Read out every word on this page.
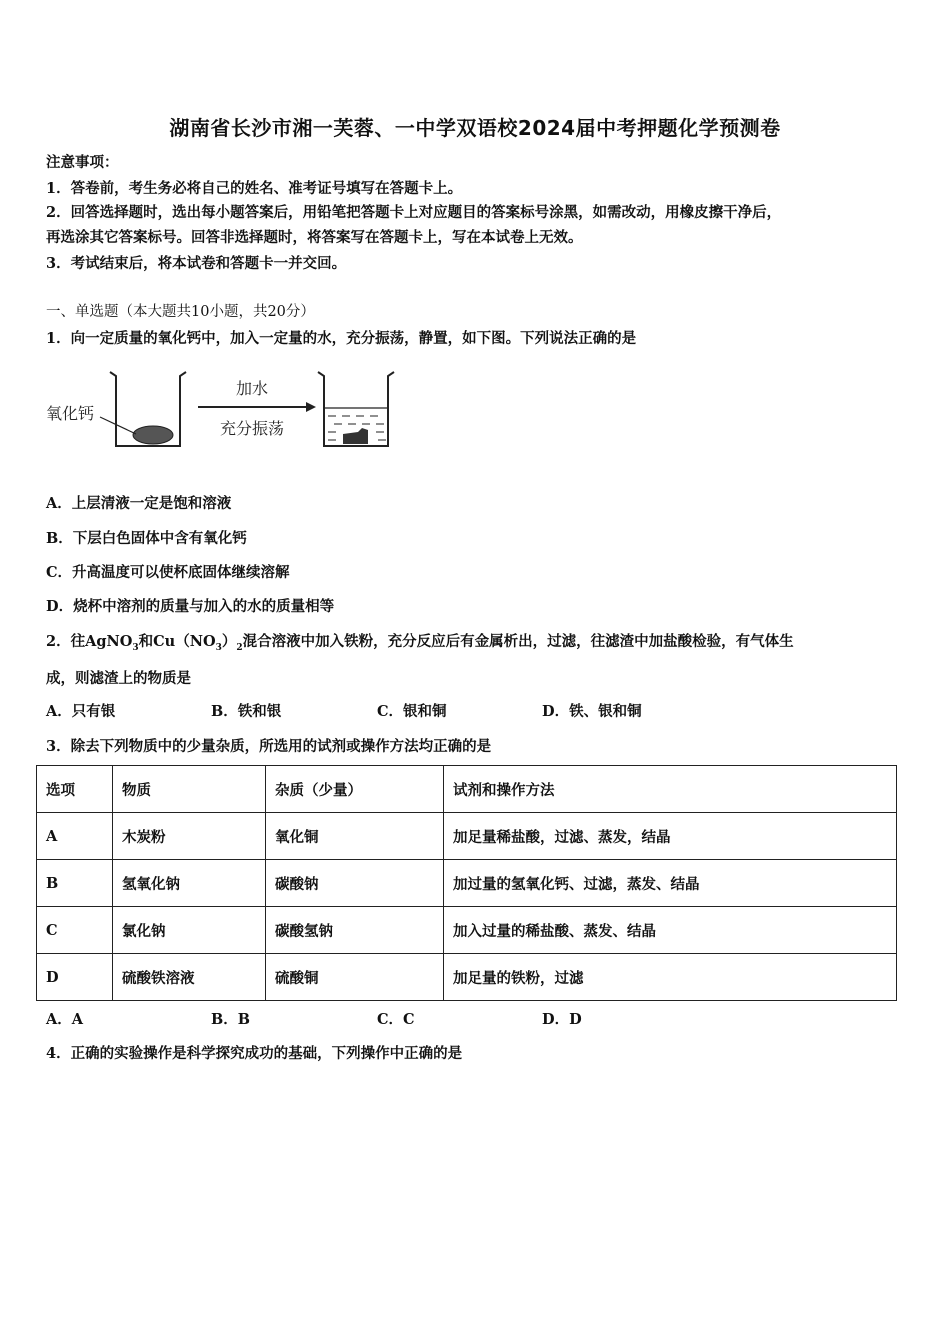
湖南省长沙市湘一芙蓉、一中学双语校2024届中考押题化学预测卷
注意事项：
1．答卷前，考生务必将自己的姓名、准考证号填写在答题卡上。
2．回答选择题时，选出每小题答案后，用铅笔把答题卡上对应题目的答案标号涂黑，如需改动，用橡皮擦干净后，
再选涂其它答案标号。回答非选择题时，将答案写在答题卡上，写在本试卷上无效。
3．考试结束后，将本试卷和答题卡一并交回。
一、单选题（本大题共10小题，共20分）
1．向一定质量的氧化钙中，加入一定量的水，充分振荡，静置，如下图。下列说法正确的是
氧化钙
加水
充分振荡
A．上层清液一定是饱和溶液
B．下层白色固体中含有氧化钙
C．升高温度可以使杯底固体继续溶解
D．烧杯中溶剂的质量与加入的水的质量相等
2．往AgNO$_3$和$Cu(NO_3)_2$混合溶液中加入铁粉，充分反应后有金属析出，过滤，往滤渣中加盐酸检验，有气体生
成，则滤渣上的物质是
A．只有银	B．铁和银	C．银和铜	D．铁、银和铜
3．除去下列物质中的少量杂质，所选用的试剂或操作方法均正确的是
选项	物质	杂质（少量）	试剂和操作方法
A	木炭粉	氧化铜	加足量稀盐酸，过滤、蒸发，结晶
B	氢氧化钠	碳酸钠	加过量的氢氧化钙、过滤，蒸发、结晶
C	氯化钠	碳酸氢钠	加入过量的稀盐酸、蒸发、结晶
D	硫酸铁溶液	硫酸铜	加足量的铁粉，过滤
A．A	B．B	C．C	D．D
4．正确的实验操作是科学探究成功的基础，下列操作中正确的是
